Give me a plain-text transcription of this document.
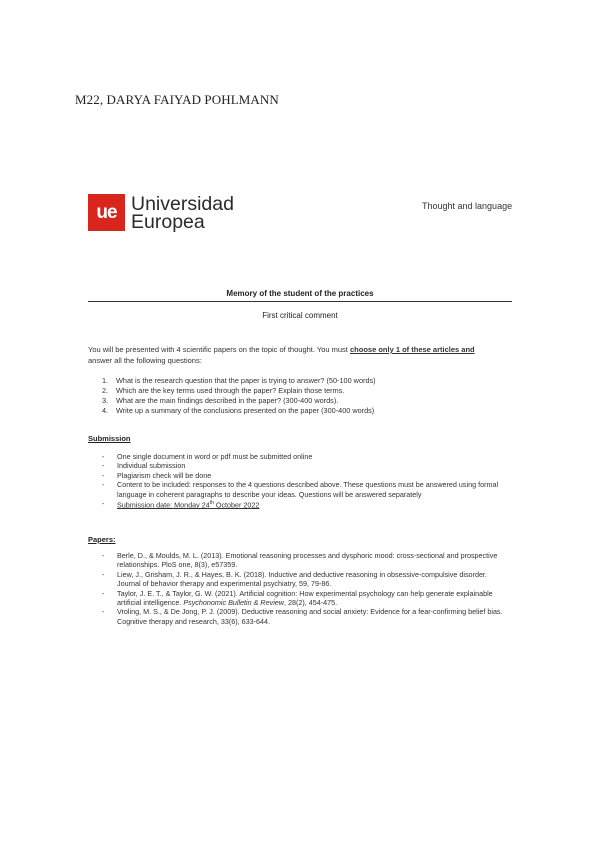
M22, DARYA FAIYAD POHLMANN
ue Universidad
Europea
Thought and language
Memory of the student of the practices
First critical comment
You will be presented with 4 scientific papers on the topic of thought. You must choose only 1 of these articles and
answer all the following questions:
1.	What is the research question that the paper is trying to answer? (50-100 words)
2.	Which are the key terms used through the paper? Explain those terms.
3.	What are the main findings described in the paper? (300-400 words).
4.	Write up a summary of the conclusions presented on the paper (300-400 words)
Submission
-	One single document in word or pdf must be submitted online
-	Individual submission
-	Plagiarism check will be done
-	Content to be included: responses to the 4 questions described above. These questions must be answered using formal language in coherent paragraphs to describe your ideas. Questions will be answered separately
-	Submission date: Monday 24th October 2022
Papers:
-	Berle, D., & Moulds, M. L. (2013). Emotional reasoning processes and dysphoric mood: cross-sectional and prospective relationships. PloS one, 8(3), e57359.
-	Liew, J., Grisham, J. R., & Hayes, B. K. (2018). Inductive and deductive reasoning in obsessive-compulsive disorder. Journal of behavior therapy and experimental psychiatry, 59, 79-86.
-	Taylor, J. E. T., & Taylor, G. W. (2021). Artificial cognition: How experimental psychology can help generate explainable artificial intelligence. Psychonomic Bulletin & Review, 28(2), 454-475.
-	Vroling, M. S., & De Jong, P. J. (2009). Deductive reasoning and social anxiety: Evidence for a fear-confirming belief bias. Cognitive therapy and research, 33(6), 633-644.
